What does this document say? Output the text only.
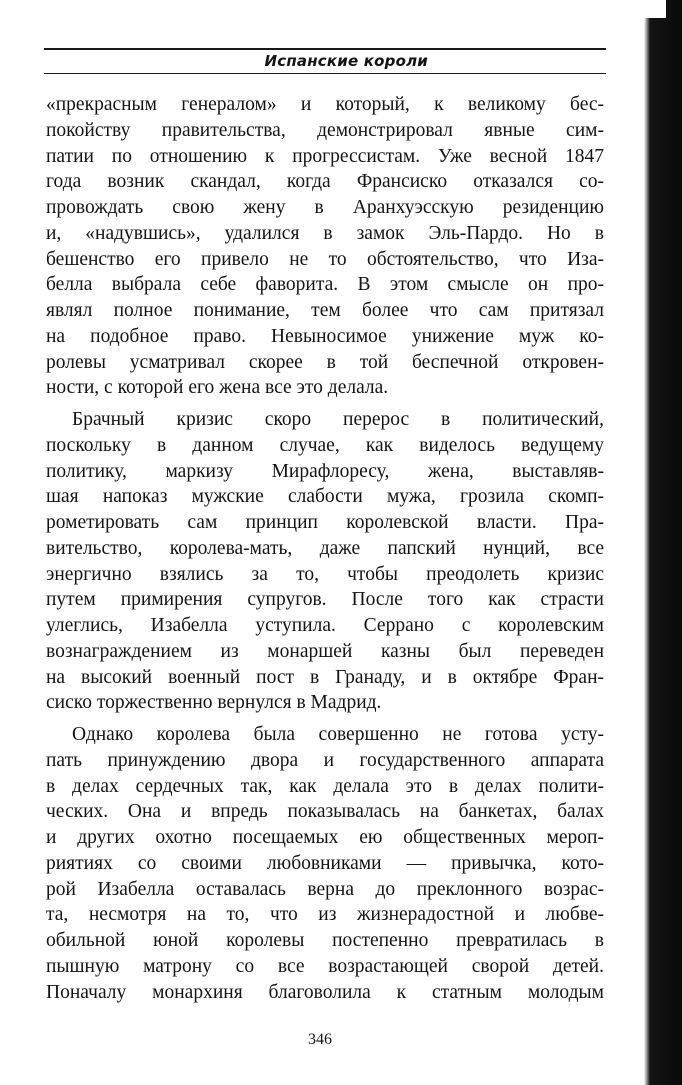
Испанские короли
«прекрасным генералом» и который, к великому бес-
покойству правительства, демонстрировал явные сим-
патии по отношению к прогрессистам. Уже весной 1847
года возник скандал, когда Франсиско отказался со-
провождать свою жену в Аранхуэсскую резиденцию
и, «надувшись», удалился в замок Эль-Пардо. Но в
бешенство его привело не то обстоятельство, что Иза-
белла выбрала себе фаворита. В этом смысле он про-
являл полное понимание, тем более что сам притязал
на подобное право. Невыносимое унижение муж ко-
ролевы усматривал скорее в той беспечной откровен-
ности, с которой его жена все это делала.
Брачный кризис скоро перерос в политический,
поскольку в данном случае, как виделось ведущему
политику, маркизу Мирафлоресу, жена, выставляв-
шая напоказ мужские слабости мужа, грозила скомп-
рометировать сам принцип королевской власти. Пра-
вительство, королева-мать, даже папский нунций, все
энергично взялись за то, чтобы преодолеть кризис
путем примирения супругов. После того как страсти
улеглись, Изабелла уступила. Серрано с королевским
вознаграждением из монаршей казны был переведен
на высокий военный пост в Гранаду, и в октябре Фран-
сиско торжественно вернулся в Мадрид.
Однако королева была совершенно не готова усту-
пать принуждению двора и государственного аппарата
в делах сердечных так, как делала это в делах полити-
ческих. Она и впредь показывалась на банкетах, балах
и других охотно посещаемых ею общественных мероп-
риятиях со своими любовниками — привычка, кото-
рой Изабелла оставалась верна до преклонного возрас-
та, несмотря на то, что из жизнерадостной и любве-
обильной юной королевы постепенно превратилась в
пышную матрону со все возрастающей сворой детей.
Поначалу монархиня благоволила к статным молодым
346
